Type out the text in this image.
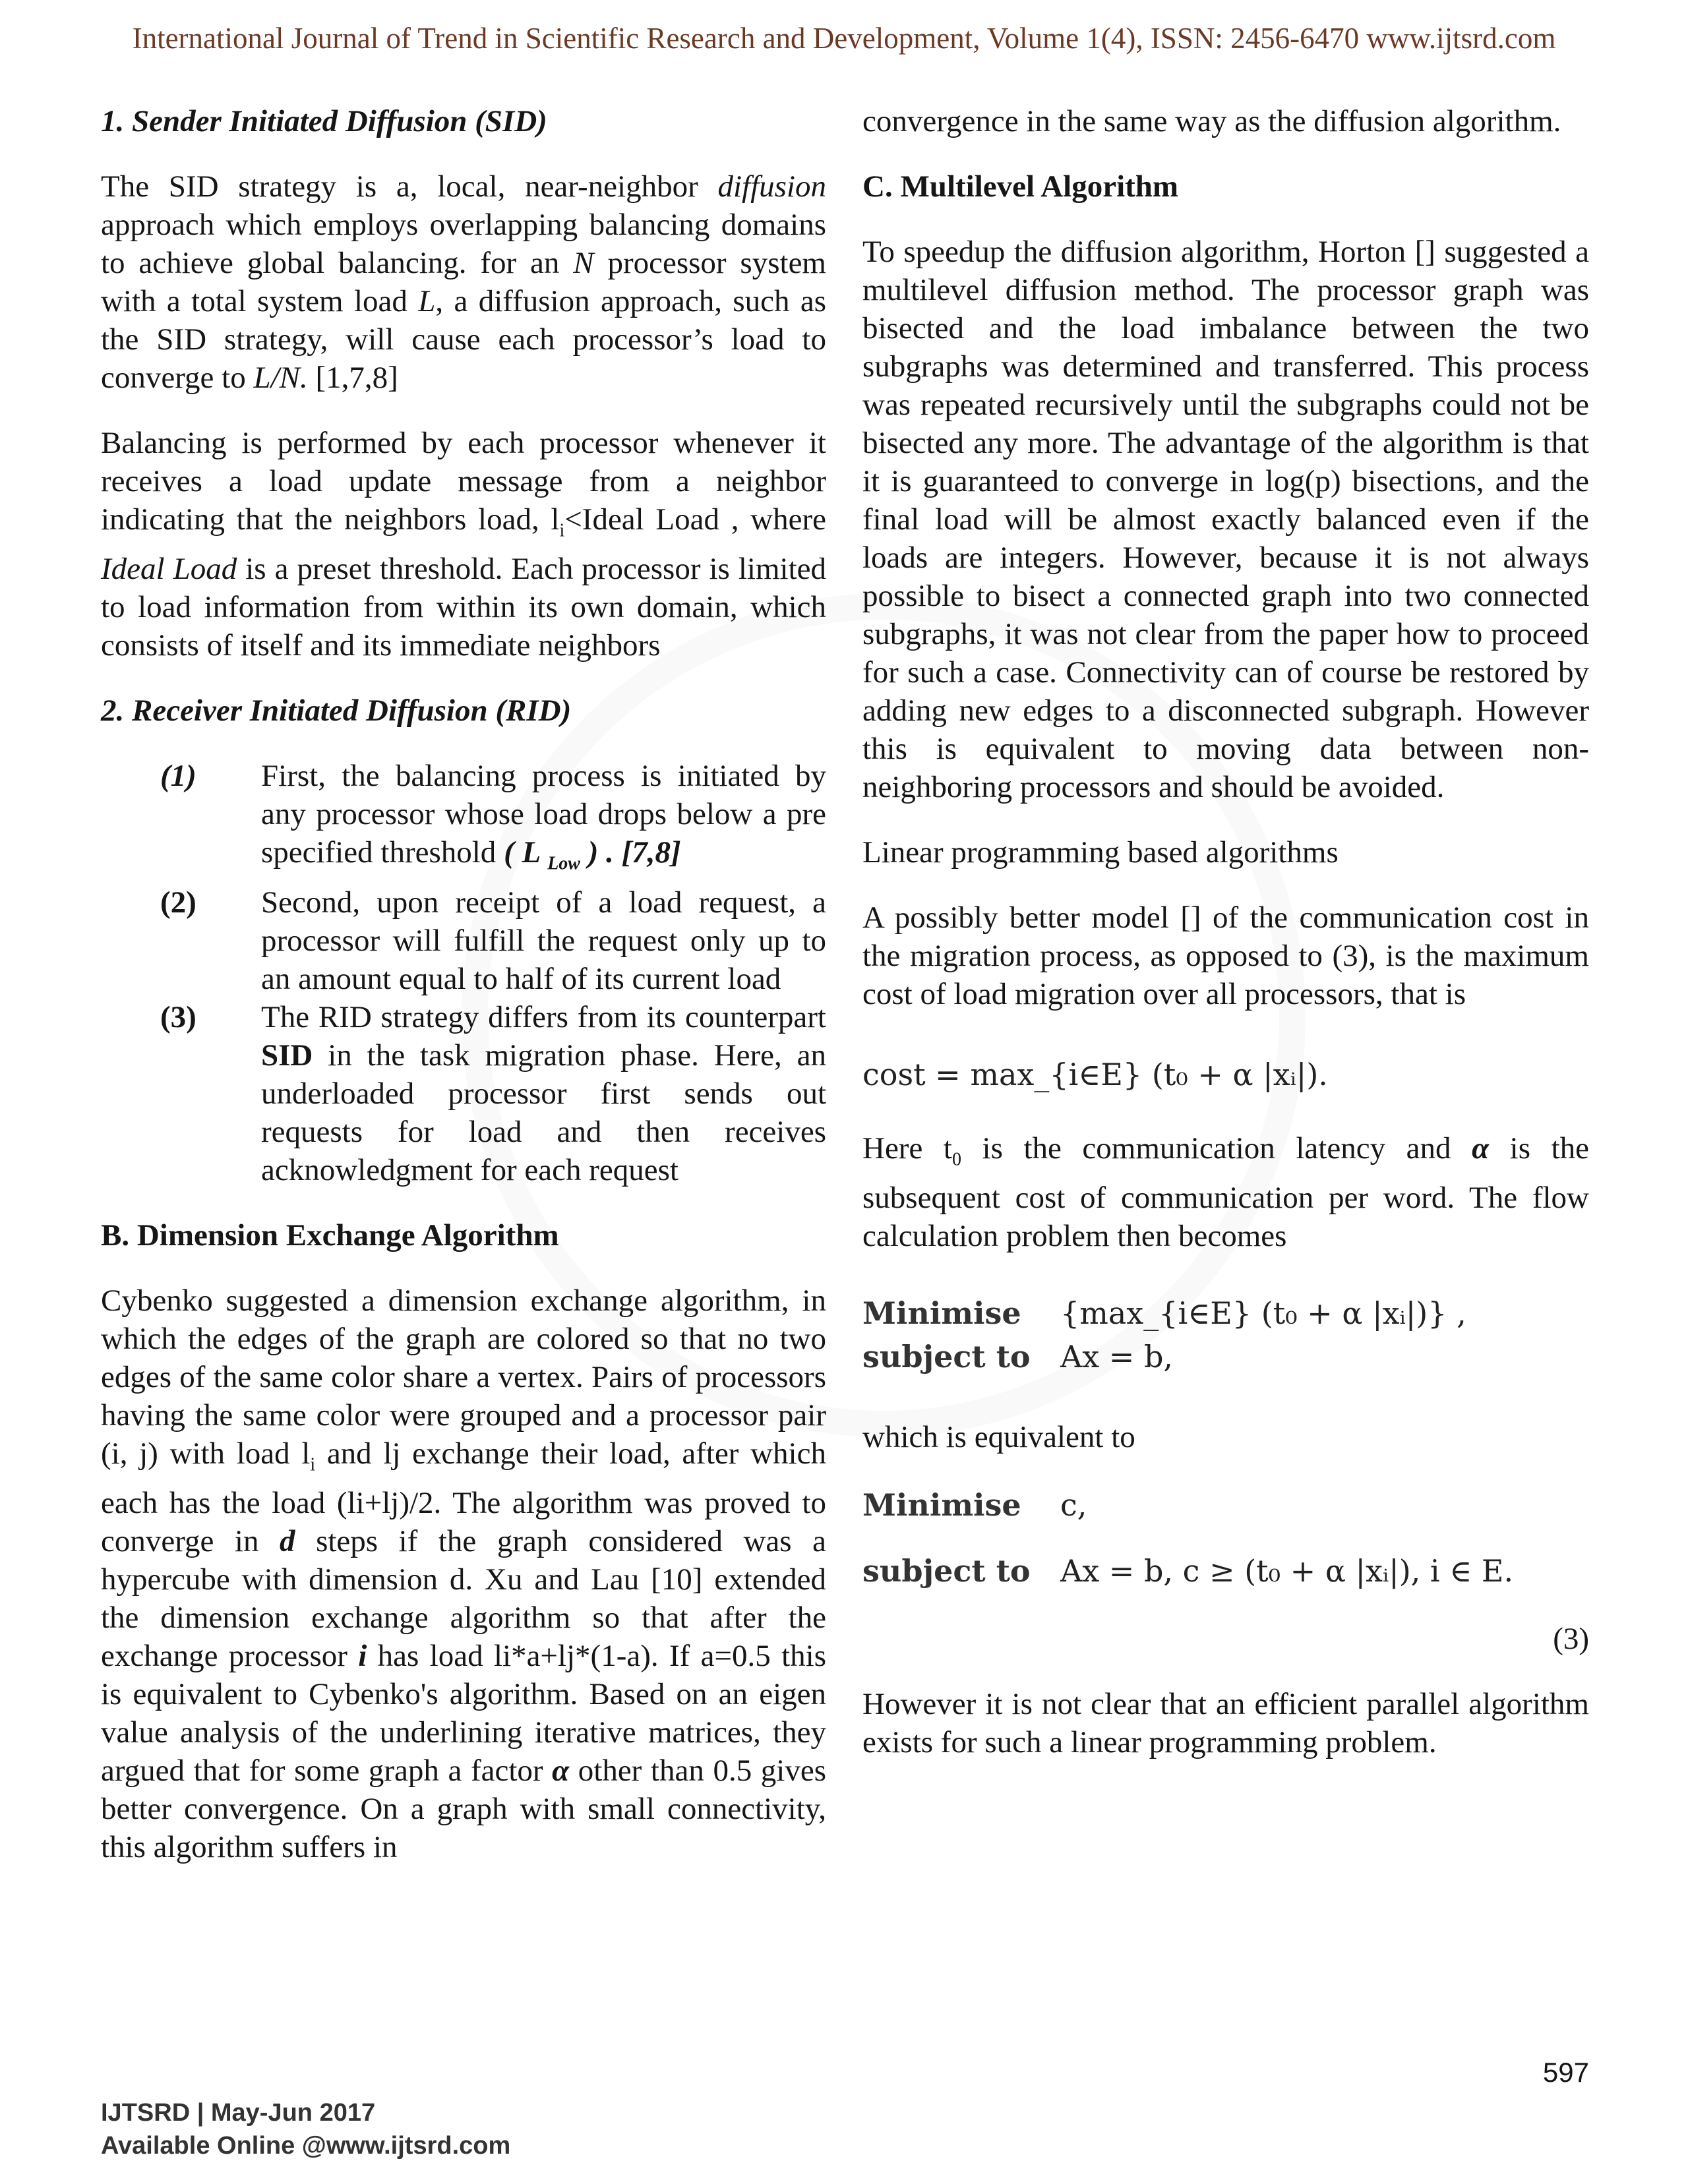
International Journal of Trend in Scientific Research and Development, Volume 1(4), ISSN: 2456-6470 www.ijtsrd.com
1. Sender Initiated Diffusion (SID)

The SID strategy is a, local, near-neighbor diffusion approach which employs overlapping balancing domains to achieve global balancing. for an N processor system with a total system load L, a diffusion approach, such as the SID strategy, will cause each processor’s load to converge to L/N. [1,7,8]

Balancing is performed by each processor whenever it receives a load update message from a neighbor indicating that the neighbors load, $l_i<Ideal$ Load , where Ideal Load is a preset threshold. Each processor is limited to load information from within its own domain, which consists of itself and its immediate neighbors

2. Receiver Initiated Diffusion (RID)
(1)	First, the balancing process is initiated by any processor whose load drops below a pre specified threshold ( L $_{Low}$ ) . [7,8]
(2)	Second, upon receipt of a load request, a processor will fulfill the request only up to an amount equal to half of its current load
(3)	The RID strategy differs from its counterpart SID in the task migration phase. Here, an underloaded processor first sends out requests for load and then receives acknowledgment for each request
B. Dimension Exchange Algorithm

Cybenko suggested a dimension exchange algorithm, in which the edges of the graph are colored so that no two edges of the same color share a vertex. Pairs of processors having the same color were grouped and a processor pair (i, j) with load $l_i$ and lj exchange their load, after which each has the load (li+lj)/2. The algorithm was proved to converge in d steps if the graph considered was a hypercube with dimension d. Xu and Lau [10] extended the dimension exchange algorithm so that after the exchange processor i has load li*a+lj*(1-a). If a=0.5 this is equivalent to Cybenko's algorithm. Based on an eigen value analysis of the underlining iterative matrices, they argued that for some graph a factor α other than 0.5 gives better convergence. On a graph with small connectivity, this algorithm suffers in

convergence in the same way as the diffusion algorithm.

C. Multilevel Algorithm

To speedup the diffusion algorithm, Horton [] suggested a multilevel diffusion method. The processor graph was bisected and the load imbalance between the two subgraphs was determined and transferred. This process was repeated recursively until the subgraphs could not be bisected any more. The advantage of the algorithm is that it is guaranteed to converge in log(p) bisections, and the final load will be almost exactly balanced even if the loads are integers. However, because it is not always possible to bisect a connected graph into two connected subgraphs, it was not clear from the paper how to proceed for such a case. Connectivity can of course be restored by adding new edges to a disconnected subgraph. However this is equivalent to moving data between non-neighboring processors and should be avoided.

Linear programming based algorithms

A possibly better model [] of the communication cost in the migration process, as opposed to (3), is the maximum cost of load migration over all processors, that is

cost = max_{i∈E} (t₀ + α |xᵢ|).

Here $t_0$ is the communication latency and α is the subsequent cost of communication per word. The flow calculation problem then becomes

Minimise	{max_{i∈E} (t₀ + α |xᵢ|)} ,
subject to Ax = b,

which is equivalent to

Minimise	c,
subject to Ax = b, c ≥ (t₀ + α |xᵢ|), i ∈ E.
(3)

However it is not clear that an efficient parallel algorithm exists for such a linear programming problem.

597
IJTSRD | May-Jun 2017
Available Online @www.ijtsrd.com
